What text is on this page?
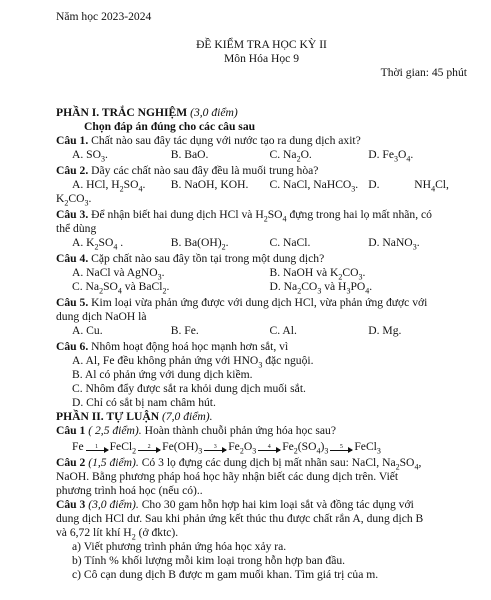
Năm học 2023-2024
ĐỀ KIỂM TRA HỌC KỲ II
Môn Hóa Học 9
Thời gian: 45 phút
PHẦN I. TRẮC NGHIỆM (3,0 điểm)
Chọn đáp án đúng cho các câu sau
Câu 1. Chất nào sau đây tác dụng với nước tạo ra dung dịch axit?
A. $SO_3$.	B. BaO.	C. $Na_2O$.	D. $Fe_3O_4$.
Câu 2. Dãy các chất nào sau đây đều là muối trung hòa?
A. HCl, $H_2SO_4$.	B. NaOH, KOH.	C. NaCl, NaHCO$_3$. D.            $NH_4Cl$,
$K_2CO_3$.
Câu 3. Để nhận biết hai dung dịch HCl và $H_2SO_4$ đựng trong hai lọ mất nhãn, có
thể dùng
A. $K_2SO_4$ .	B. $Ba(OH)_2$.	C. NaCl.	D. NaNO$_3$.
Câu 4. Cặp chất nào sau đây tồn tại trong một dung dịch?
A. NaCl và AgNO$_3$.	B. NaOH và $K_2CO_3$.
C. $Na_2SO_4$ và BaCl$_2$.	D. $Na_2CO_3$ và $H_3PO_4$.
Câu 5. Kim loại vừa phản ứng được với dung dịch HCl, vừa phản ứng được với
dung dịch NaOH là
A. Cu.	B. Fe.	C. Al.	D. Mg.
Câu 6. Nhôm hoạt động hoá học mạnh hơn sắt, vì
A. Al, Fe đều không phản ứng với $HNO_3$ đặc nguội.
B. Al có phản ứng với dung dịch kiềm.
C. Nhôm đẩy được sắt ra khỏi dung dịch muối sắt.
D. Chỉ có sắt bị nam châm hút.
PHẦN II. TỰ LUẬN (7,0 điểm).
Câu 1 ( 2,5 điểm). Hoàn thành chuỗi phản ứng hóa học sau?
Fe 1 FeCl$_2$ 2 $Fe(OH)_3$ 3 $Fe_2O_3$ 4 $Fe_2(SO_4)_3$ 5 FeCl$_3$
Câu 2 (1,5 điểm). Có 3 lọ đựng các dung dịch bị mất nhãn sau: NaCl, $Na_2SO_4$,
NaOH. Bằng phương pháp hoá học hãy nhận biết các dung dịch trên. Viết
phương trình hoá học (nếu có)..
Câu 3 (3,0 điểm). Cho 30 gam hỗn hợp hai kim loại sắt và đồng tác dụng với
dung dịch HCl dư. Sau khi phản ứng kết thúc thu được chất rắn A, dung dịch B
và 6,72 lít khí $H_2$ (ở đktc).
a) Viết phương trình phản ứng hóa học xảy ra.
b) Tính % khối lượng mỗi kim loại trong hỗn hợp ban đầu.
c) Cô cạn dung dịch B được m gam muối khan. Tìm giá trị của m.
